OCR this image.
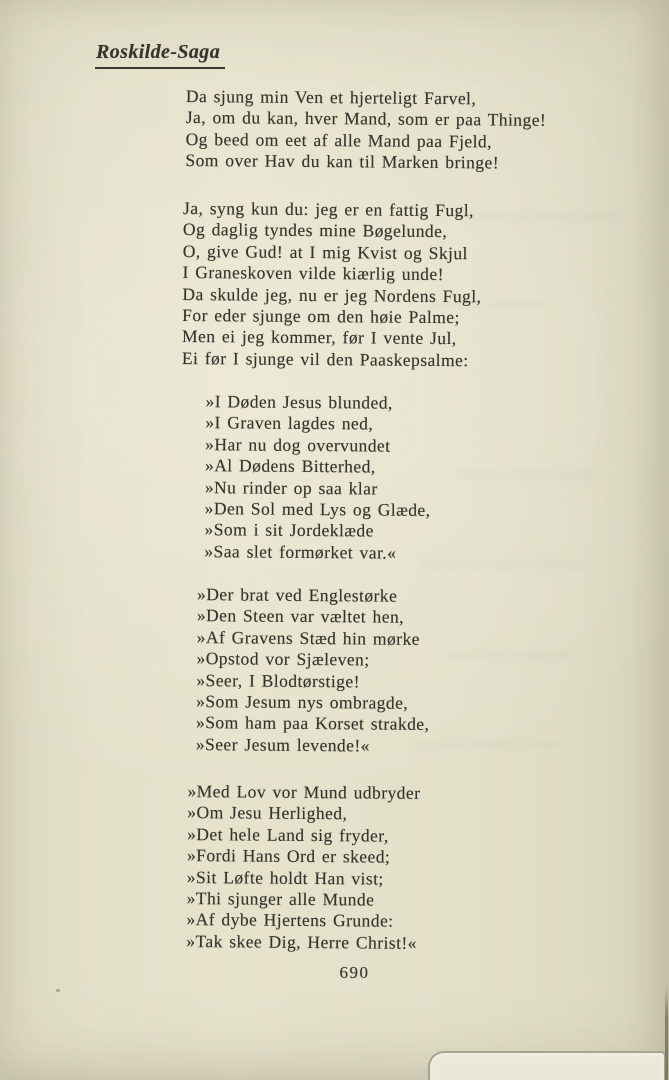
Roskilde-Saga
Da sjung min Ven et hjerteligt Farvel,
Ja, om du kan, hver Mand, som er paa Thinge!
Og beed om eet af alle Mand paa Fjeld,
Som over Hav du kan til Marken bringe!
Ja, syng kun du: jeg er en fattig Fugl,
Og daglig tyndes mine Bøgelunde,
O, give Gud! at I mig Kvist og Skjul
I Graneskoven vilde kiærlig unde!
Da skulde jeg, nu er jeg Nordens Fugl,
For eder sjunge om den høie Palme;
Men ei jeg kommer, før I vente Jul,
Ei før I sjunge vil den Paaskepsalme:
»I Døden Jesus blunded,
»I Graven lagdes ned,
»Har nu dog overvundet
»Al Dødens Bitterhed,
»Nu rinder op saa klar
»Den Sol med Lys og Glæde,
»Som i sit Jordeklæde
»Saa slet formørket var.«
»Der brat ved Englestørke
»Den Steen var væltet hen,
»Af Gravens Stæd hin mørke
»Opstod vor Sjæleven;
»Seer, I Blodtørstige!
»Som Jesum nys ombragde,
»Som ham paa Korset strakde,
»Seer Jesum levende!«
»Med Lov vor Mund udbryder
»Om Jesu Herlighed,
»Det hele Land sig fryder,
»Fordi Hans Ord er skeed;
»Sit Løfte holdt Han vist;
»Thi sjunger alle Munde
»Af dybe Hjertens Grunde:
»Tak skee Dig, Herre Christ!«
690
